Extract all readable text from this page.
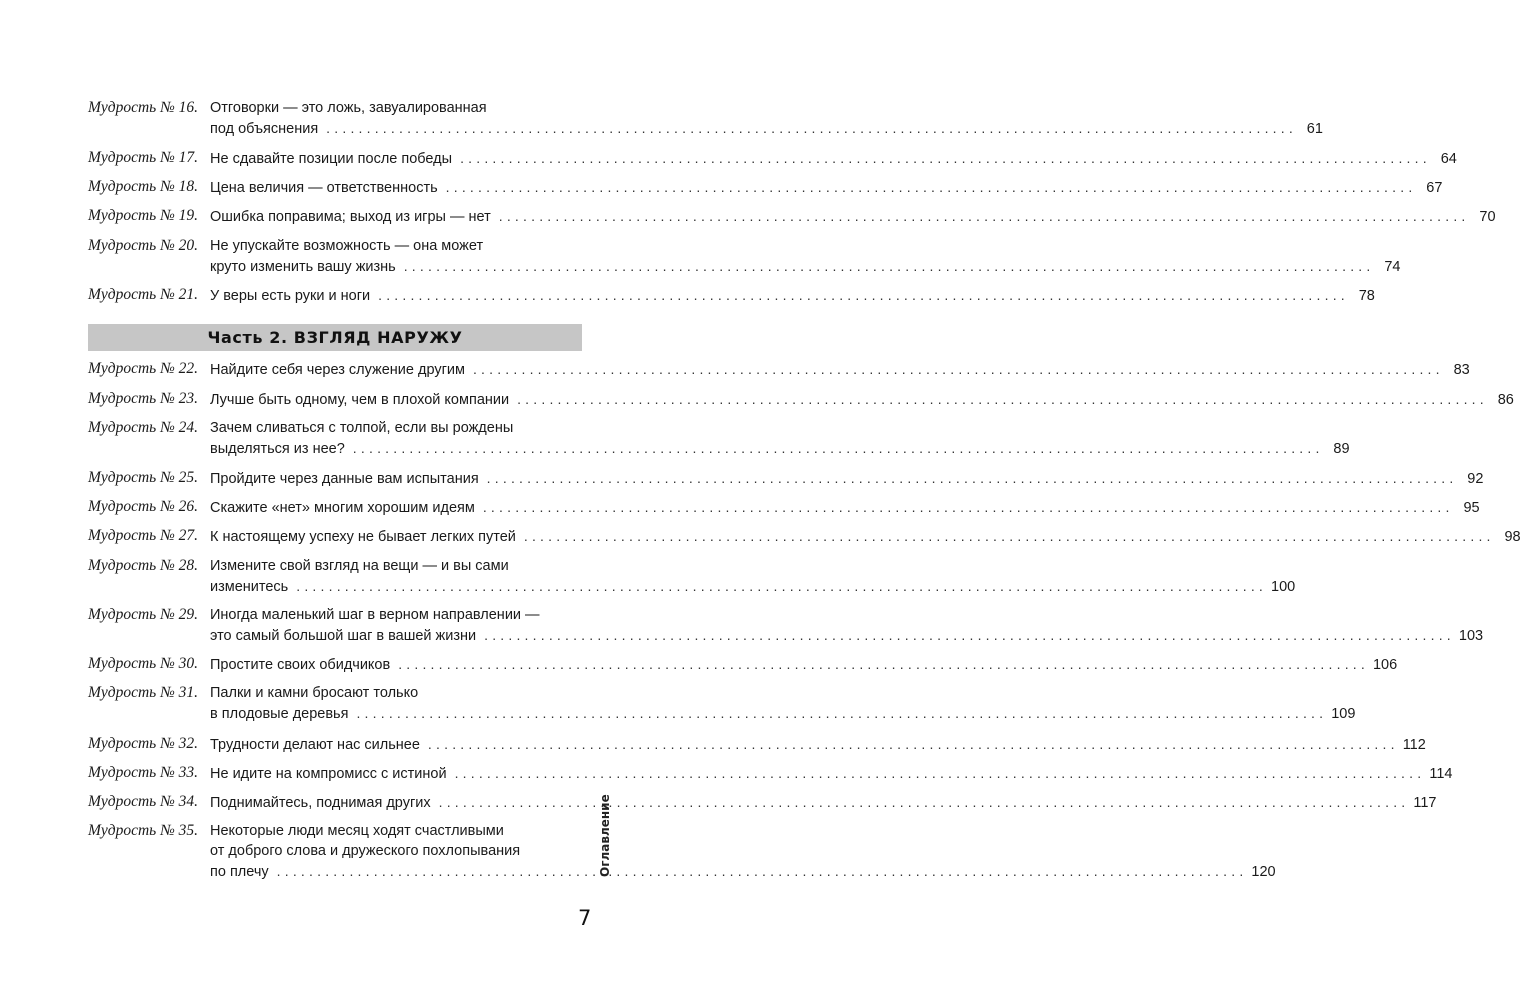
Мудрость № 16. Отговорки — это ложь, завуалированная
под объяснения ........................................................................................................................ 61
Мудрость № 17. Не сдавайте позиции после победы ........................................................................................................................ 64
Мудрость № 18. Цена величия — ответственность ........................................................................................................................ 67
Мудрость № 19. Ошибка поправима; выход из игры — нет ........................................................................................................................ 70
Мудрость № 20. Не упускайте возможность — она может
круто изменить вашу жизнь ........................................................................................................................ 74
Мудрость № 21. У веры есть руки и ноги ........................................................................................................................ 78
Мудрость № 22. Найдите себя через служение другим ........................................................................................................................ 83
Мудрость № 23. Лучше быть одному, чем в плохой компании ........................................................................................................................ 86
Мудрость № 24. Зачем сливаться с толпой, если вы рождены
выделяться из нее? ........................................................................................................................ 89
Мудрость № 25. Пройдите через данные вам испытания ........................................................................................................................ 92
Мудрость № 26. Скажите «нет» многим хорошим идеям ........................................................................................................................ 95
Мудрость № 27. К настоящему успеху не бывает легких путей ........................................................................................................................ 98
Мудрость № 28. Измените свой взгляд на вещи — и вы сами
изменитесь ........................................................................................................................ 100
Мудрость № 29. Иногда маленький шаг в верном направлении —
это самый большой шаг в вашей жизни ........................................................................................................................ 103
Мудрость № 30. Простите своих обидчиков ........................................................................................................................ 106
Мудрость № 31. Палки и камни бросают только
в плодовые деревья ........................................................................................................................ 109
Мудрость № 32. Трудности делают нас сильнее ........................................................................................................................ 112
Мудрость № 33. Не идите на компромисс с истиной ........................................................................................................................ 114
Мудрость № 34. Поднимайтесь, поднимая других ........................................................................................................................ 117
Мудрость № 35. Некоторые люди месяц ходят счастливыми
от доброго слова и дружеского похлопывания
по плечу ........................................................................................................................ 120
Часть 2. ВЗГЛЯД НАРУЖУ
Оглавление
7
